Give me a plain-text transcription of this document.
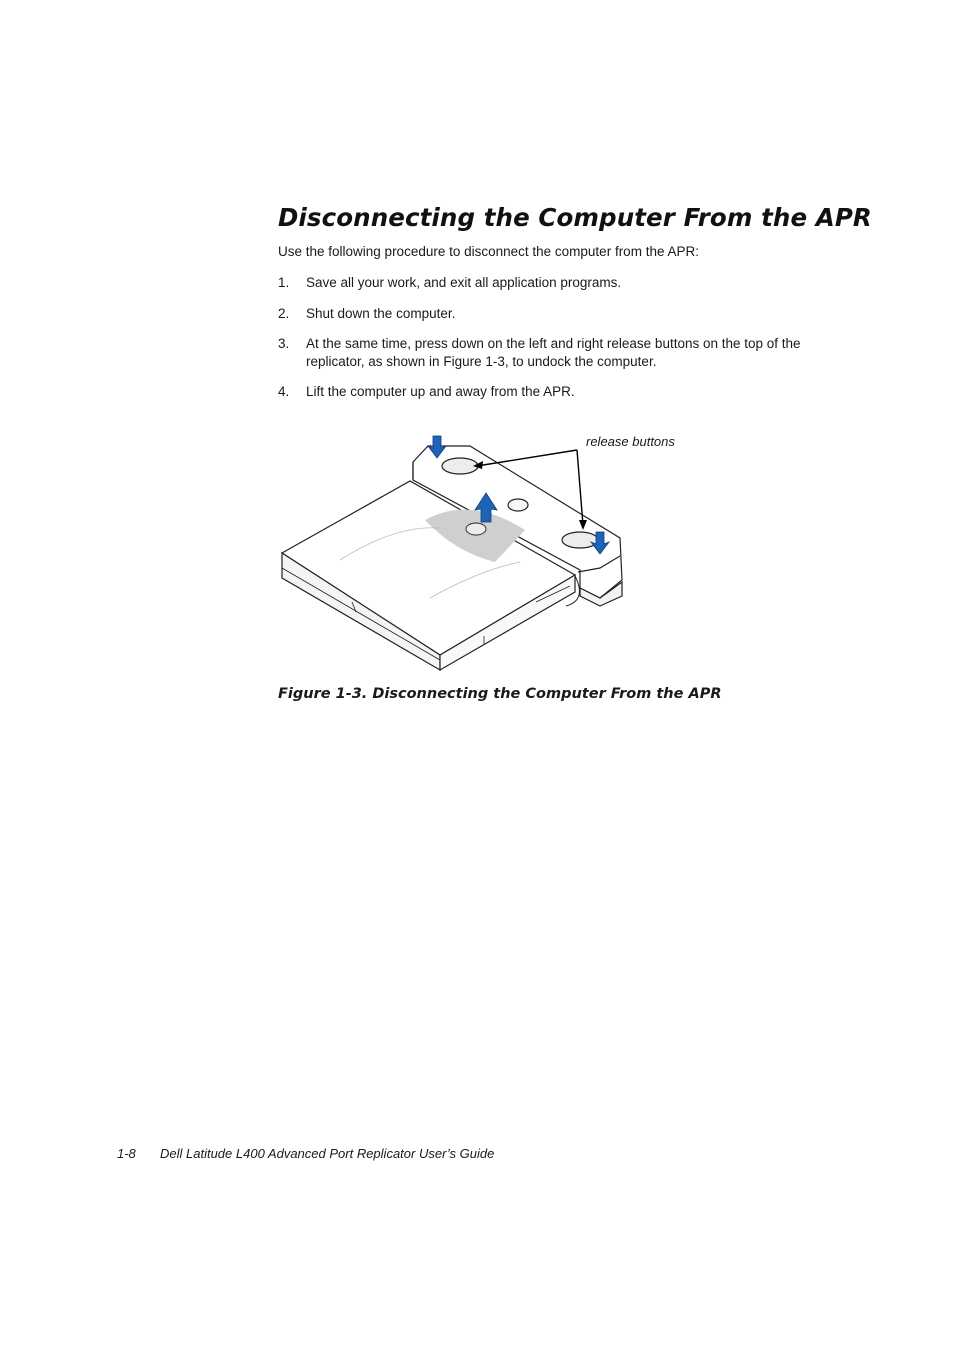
Disconnecting the Computer From the APR

Use the following procedure to disconnect the computer from the APR:

1. Save all your work, and exit all application programs.
2. Shut down the computer.
3. At the same time, press down on the left and right release buttons on the top of the replicator, as shown in Figure 1-3, to undock the computer.
4. Lift the computer up and away from the APR.
release buttons

Figure 1-3. Disconnecting the Computer From the APR

1-8 Dell Latitude L400 Advanced Port Replicator User’s Guide
